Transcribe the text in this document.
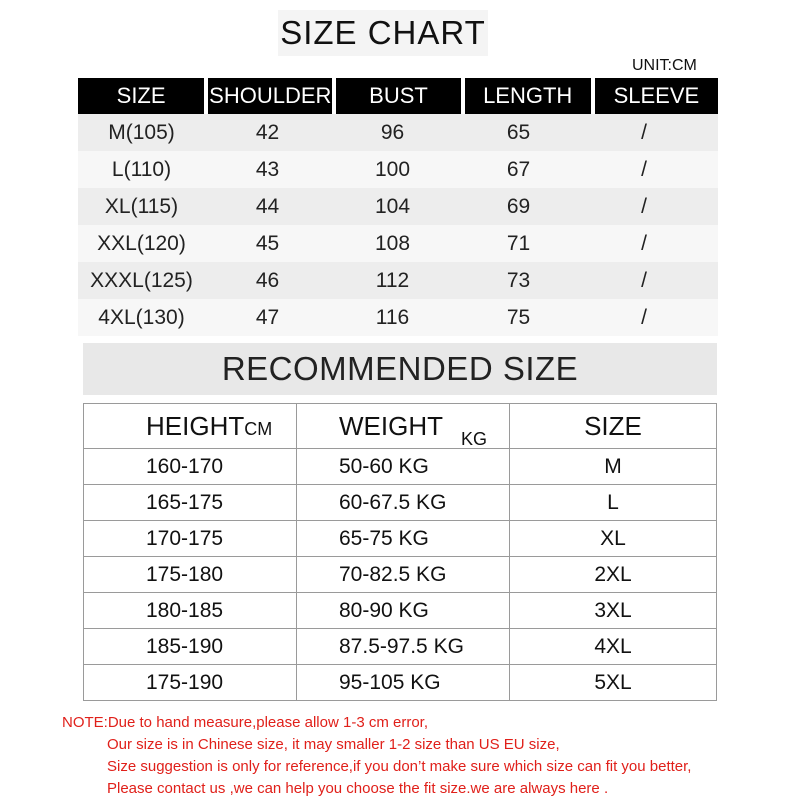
SIZE CHART
UNIT:CM
SIZE	SHOULDER	BUST	LENGTH	SLEEVE
M(105)	42	96	65	/
L(110)	43	100	67	/
XL(115)	44	104	69	/
XXL(120)	45	108	71	/
XXXL(125)	46	112	73	/
4XL(130)	47	116	75	/
RECOMMENDED SIZE
HEIGHTCM	WEIGHT $_{KG}$	SIZE
160-170	50-60 KG	M
165-175	60-67.5 KG	L
170-175	65-75 KG	XL
175-180	70-82.5 KG	2XL
180-185	80-90 KG	3XL
185-190	87.5-97.5 KG	4XL
175-190	95-105 KG	5XL
NOTE:Due to hand measure,please allow 1-3 cm error,
Our size is in Chinese size, it may smaller 1-2 size than US EU size,
Size suggestion is only for reference,if you don’t make sure which size can fit you better,
Please contact us ,we can help you choose the fit size.we are always here .
